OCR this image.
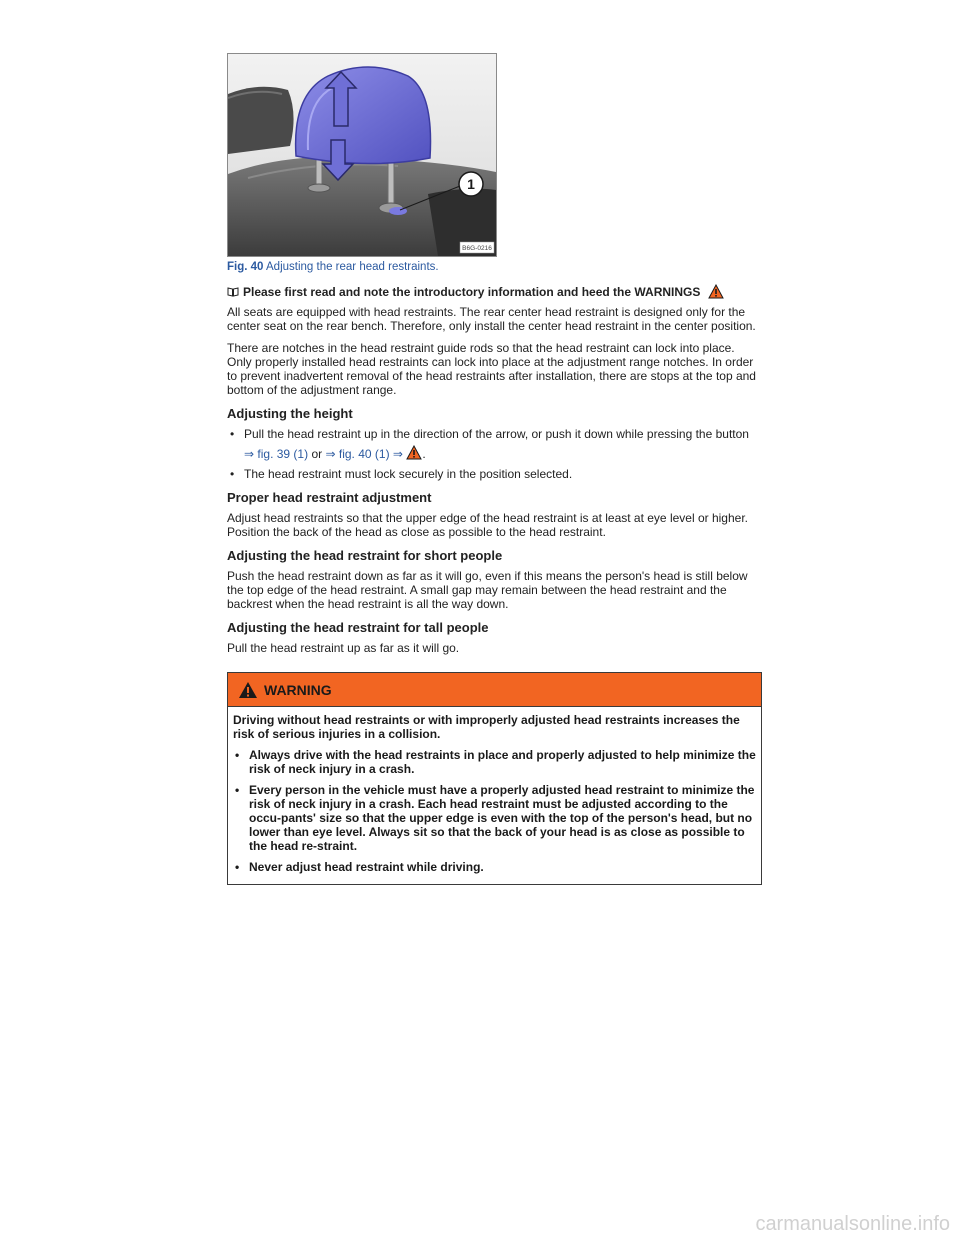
1
B6G-0216
Fig. 40 Adjusting the rear head restraints.
Please first read and note the introductory information and heed the WARNINGS

All seats are equipped with head restraints. The rear center head restraint is designed only for the center seat on the rear bench. Therefore, only install the center head restraint in the center position.

There are notches in the head restraint guide rods so that the head restraint can lock into place. Only properly installed head restraints can lock into place at the adjustment range notches. In order to prevent inadvertent removal of the head restraints after installation, there are stops at the top and bottom of the adjustment range.

Adjusting the height
• Pull the head restraint up in the direction of the arrow, or push it down while pressing the button
⇒ fig. 39 (1) or ⇒ fig. 40 (1) ⇒ .
• The head restraint must lock securely in the position selected.
Proper head restraint adjustment

Adjust head restraints so that the upper edge of the head restraint is at least at eye level or higher. Position the back of the head as close as possible to the head restraint.

Adjusting the head restraint for short people

Push the head restraint down as far as it will go, even if this means the person's head is still below the top edge of the head restraint. A small gap may remain between the head restraint and the backrest when the head restraint is all the way down.

Adjusting the head restraint for tall people

Pull the head restraint up as far as it will go.

WARNING

Driving without head restraints or with improperly adjusted head restraints increases the risk of serious injuries in a collision.

• Always drive with the head restraints in place and properly adjusted to help minimize the risk of neck injury in a crash.
• Every person in the vehicle must have a properly adjusted head restraint to minimize the risk of neck injury in a crash. Each head restraint must be adjusted according to the occu-pants' size so that the upper edge is even with the top of the person's head, but no lower than eye level. Always sit so that the back of your head is as close as possible to the head re-straint.
• Never adjust head restraint while driving.
carmanualsonline.info
